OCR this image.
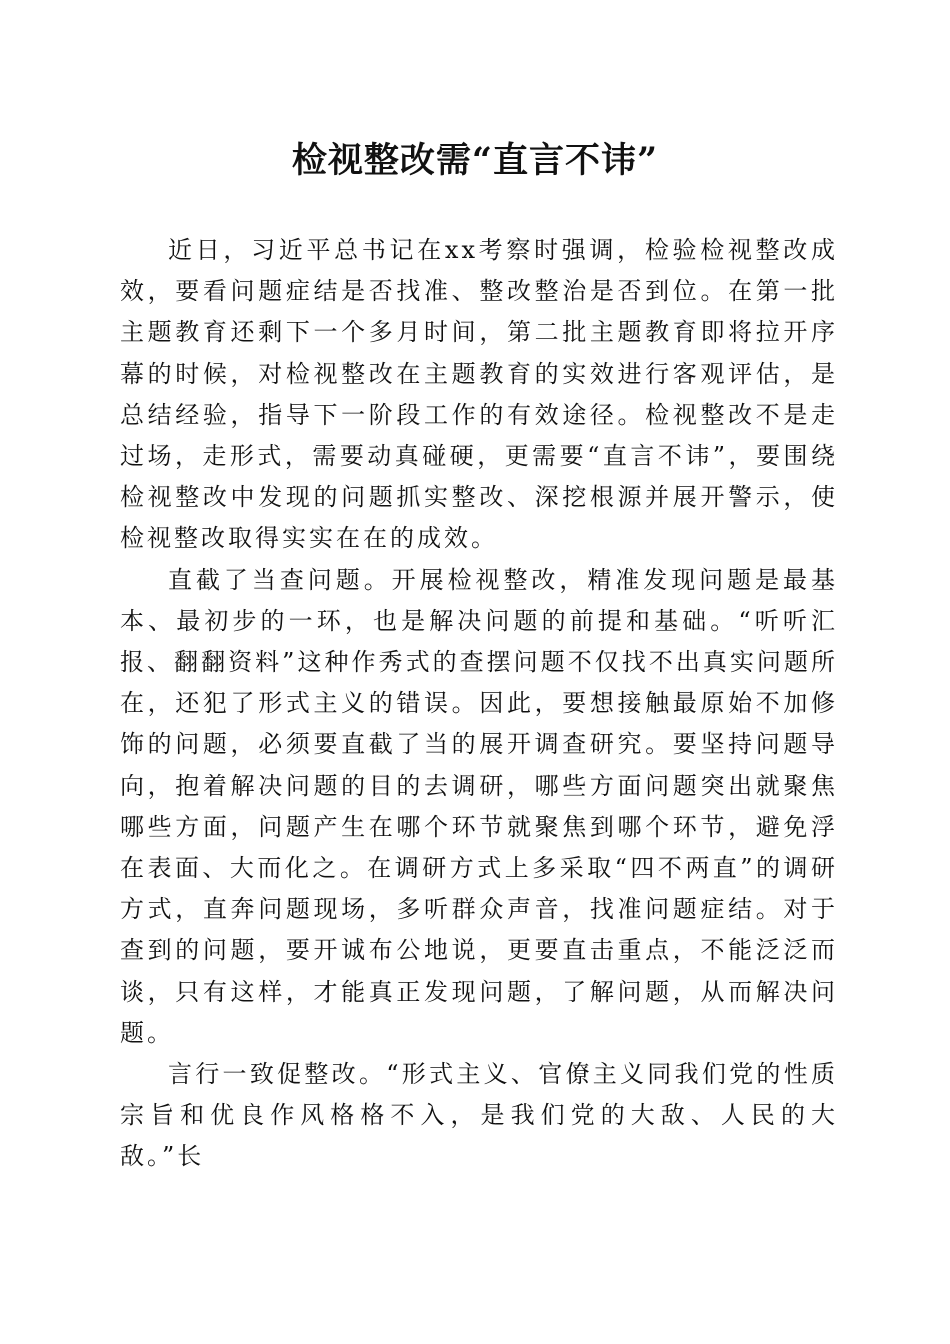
检视整改需“直言不讳”

近日，习近平总书记在xx考察时强调，检验检视整改成效，要看问题症结是否找准、整改整治是否到位。在第一批主题教育还剩下一个多月时间，第二批主题教育即将拉开序幕的时候，对检视整改在主题教育的实效进行客观评估，是总结经验，指导下一阶段工作的有效途径。检视整改不是走过场，走形式，需要动真碰硬，更需要“直言不讳”，要围绕检视整改中发现的问题抓实整改、深挖根源并展开警示，使检视整改取得实实在在的成效。

直截了当查问题。开展检视整改，精准发现问题是最基本、最初步的一环，也是解决问题的前提和基础。“听听汇报、翻翻资料”这种作秀式的查摆问题不仅找不出真实问题所在，还犯了形式主义的错误。因此，要想接触最原始不加修饰的问题，必须要直截了当的展开调查研究。要坚持问题导向，抱着解决问题的目的去调研，哪些方面问题突出就聚焦哪些方面，问题产生在哪个环节就聚焦到哪个环节，避免浮在表面、大而化之。在调研方式上多采取“四不两直”的调研方式，直奔问题现场，多听群众声音，找准问题症结。对于查到的问题，要开诚布公地说，更要直击重点，不能泛泛而谈，只有这样，才能真正发现问题，了解问题，从而解决问题。

言行一致促整改。“形式主义、官僚主义同我们党的性质宗旨和优良作风格格不入，是我们党的大敌、人民的大敌。”长
